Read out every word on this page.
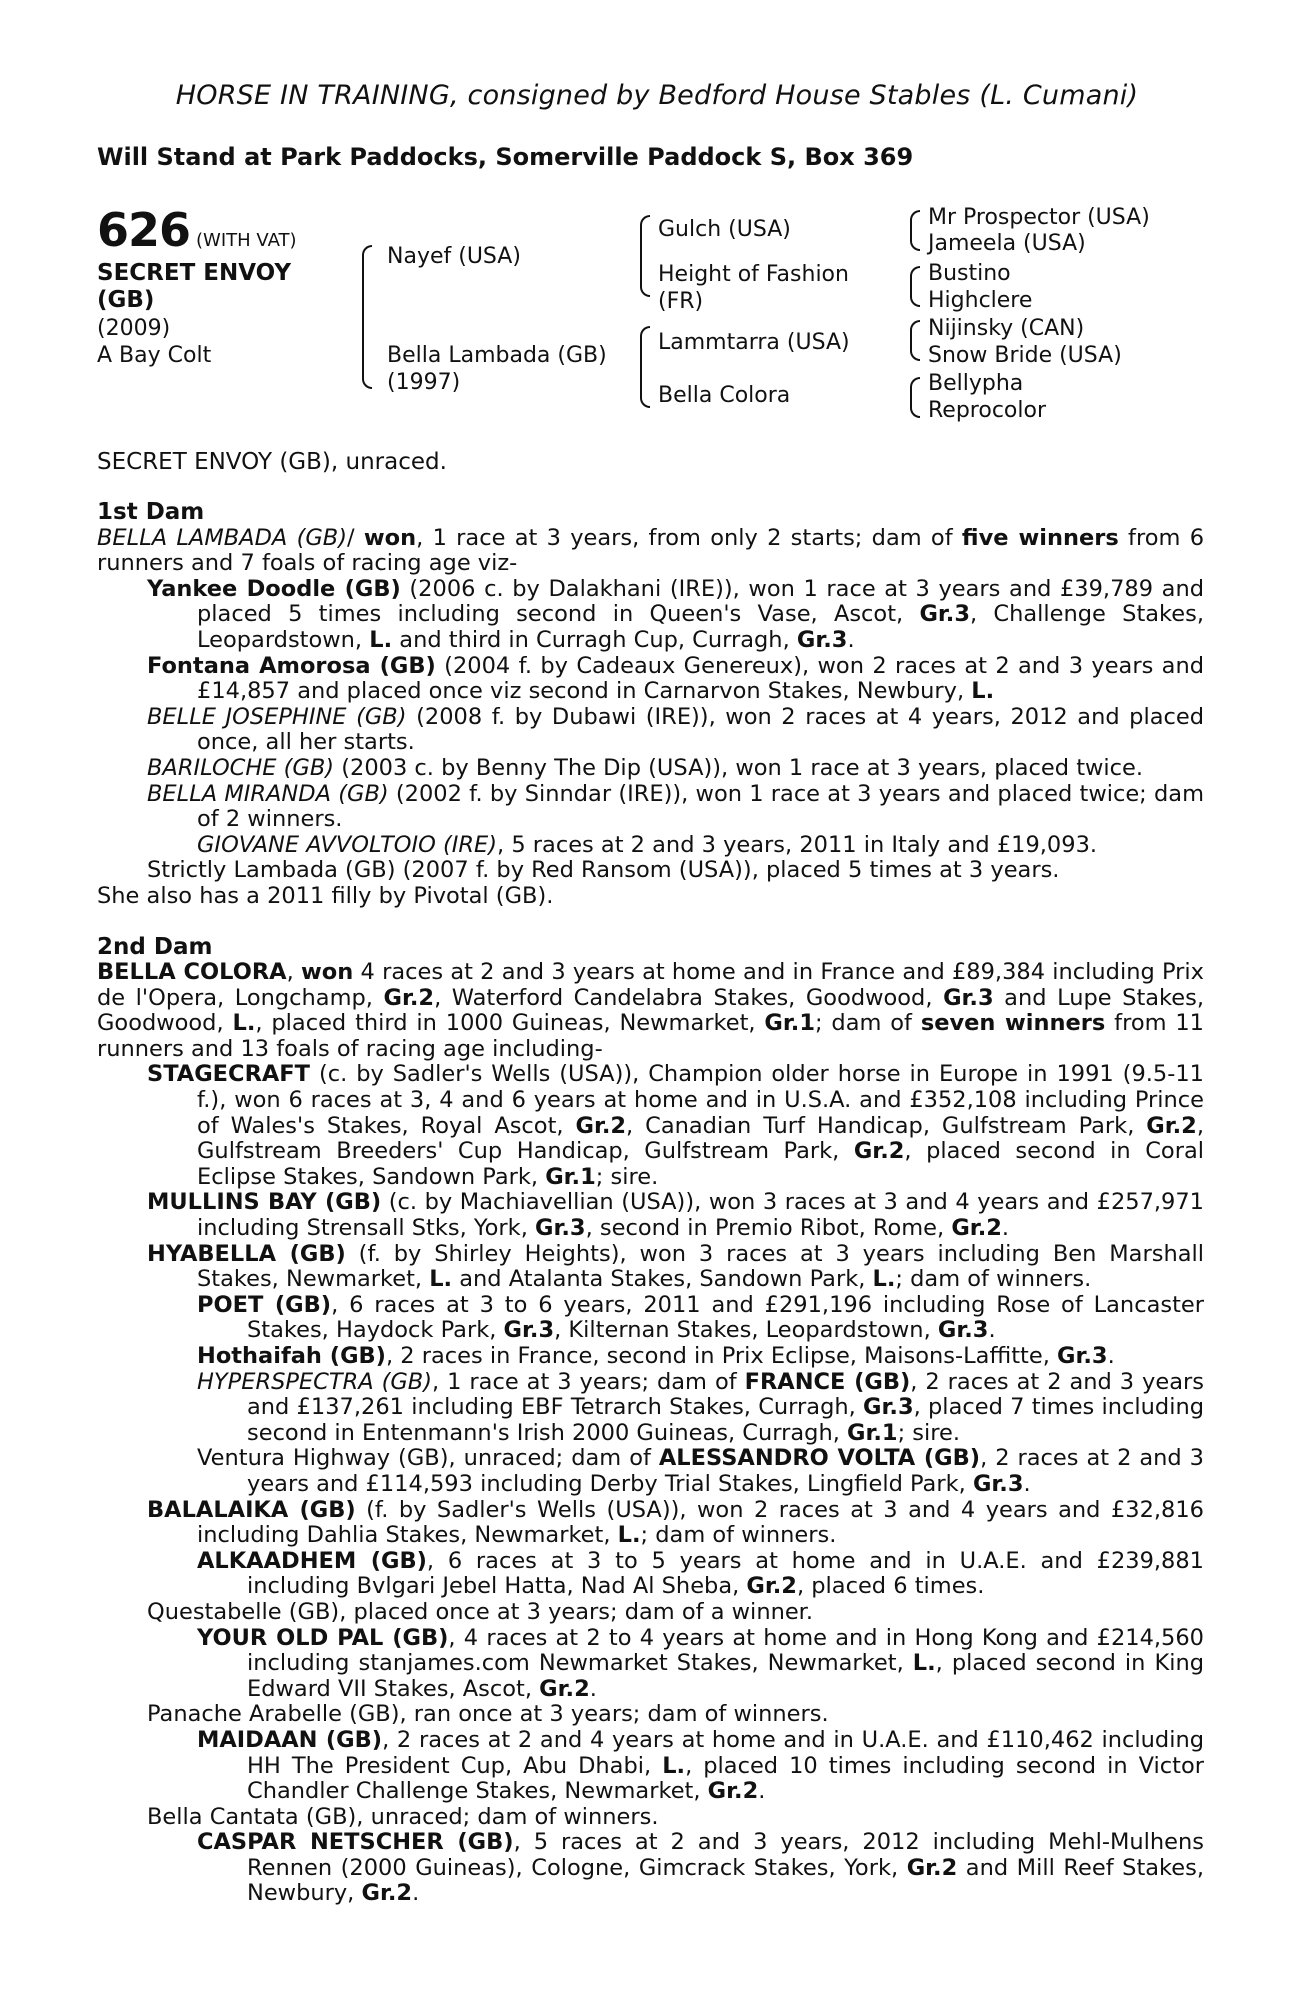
HORSE IN TRAINING, consigned by Bedford House Stables (L. Cumani)
Will Stand at Park Paddocks, Somerville Paddock S, Box 369
626 (WITH VAT)
SECRET ENVOY (GB)
(2009)
A Bay Colt
Nayef (USA)
Bella Lambada (GB) (1997)
Gulch (USA)
Height of Fashion (FR)
Lammtarra (USA)
Bella Colora
Mr Prospector (USA)
Jameela (USA)
Bustino
Highclere
Nijinsky (CAN)
Snow Bride (USA)
Bellypha
Reprocolor
SECRET ENVOY (GB), unraced.
1st Dam
BELLA LAMBADA (GB)/ won, 1 race at 3 years, from only 2 starts; dam of five winners from 6 runners and 7 foals of racing age viz-
Yankee Doodle (GB) (2006 c. by Dalakhani (IRE)), won 1 race at 3 years and £39,789 and placed 5 times including second in Queen's Vase, Ascot, Gr.3, Challenge Stakes, Leopardstown, L. and third in Curragh Cup, Curragh, Gr.3.
Fontana Amorosa (GB) (2004 f. by Cadeaux Genereux), won 2 races at 2 and 3 years and £14,857 and placed once viz second in Carnarvon Stakes, Newbury, L.
BELLE JOSEPHINE (GB) (2008 f. by Dubawi (IRE)), won 2 races at 4 years, 2012 and placed once, all her starts.
BARILOCHE (GB) (2003 c. by Benny The Dip (USA)), won 1 race at 3 years, placed twice.
BELLA MIRANDA (GB) (2002 f. by Sinndar (IRE)), won 1 race at 3 years and placed twice; dam of 2 winners.
GIOVANE AVVOLTOIO (IRE), 5 races at 2 and 3 years, 2011 in Italy and £19,093.
Strictly Lambada (GB) (2007 f. by Red Ransom (USA)), placed 5 times at 3 years.
She also has a 2011 filly by Pivotal (GB).
2nd Dam
BELLA COLORA, won 4 races at 2 and 3 years at home and in France and £89,384 including Prix de l'Opera, Longchamp, Gr.2, Waterford Candelabra Stakes, Goodwood, Gr.3 and Lupe Stakes, Goodwood, L., placed third in 1000 Guineas, Newmarket, Gr.1; dam of seven winners from 11 runners and 13 foals of racing age including-
STAGECRAFT (c. by Sadler's Wells (USA)), Champion older horse in Europe in 1991 (9.5-11 f.), won 6 races at 3, 4 and 6 years at home and in U.S.A. and £352,108 including Prince of Wales's Stakes, Royal Ascot, Gr.2, Canadian Turf Handicap, Gulfstream Park, Gr.2, Gulfstream Breeders' Cup Handicap, Gulfstream Park, Gr.2, placed second in Coral Eclipse Stakes, Sandown Park, Gr.1; sire.
MULLINS BAY (GB) (c. by Machiavellian (USA)), won 3 races at 3 and 4 years and £257,971 including Strensall Stks, York, Gr.3, second in Premio Ribot, Rome, Gr.2.
HYABELLA (GB) (f. by Shirley Heights), won 3 races at 3 years including Ben Marshall Stakes, Newmarket, L. and Atalanta Stakes, Sandown Park, L.; dam of winners.
POET (GB), 6 races at 3 to 6 years, 2011 and £291,196 including Rose of Lancaster Stakes, Haydock Park, Gr.3, Kilternan Stakes, Leopardstown, Gr.3.
Hothaifah (GB), 2 races in France, second in Prix Eclipse, Maisons-Laffitte, Gr.3.
HYPERSPECTRA (GB), 1 race at 3 years; dam of FRANCE (GB), 2 races at 2 and 3 years and £137,261 including EBF Tetrarch Stakes, Curragh, Gr.3, placed 7 times including second in Entenmann's Irish 2000 Guineas, Curragh, Gr.1; sire.
Ventura Highway (GB), unraced; dam of ALESSANDRO VOLTA (GB), 2 races at 2 and 3 years and £114,593 including Derby Trial Stakes, Lingfield Park, Gr.3.
BALALAIKA (GB) (f. by Sadler's Wells (USA)), won 2 races at 3 and 4 years and £32,816 including Dahlia Stakes, Newmarket, L.; dam of winners.
ALKAADHEM (GB), 6 races at 3 to 5 years at home and in U.A.E. and £239,881 including Bvlgari Jebel Hatta, Nad Al Sheba, Gr.2, placed 6 times.
Questabelle (GB), placed once at 3 years; dam of a winner.
YOUR OLD PAL (GB), 4 races at 2 to 4 years at home and in Hong Kong and £214,560 including stanjames.com Newmarket Stakes, Newmarket, L., placed second in King Edward VII Stakes, Ascot, Gr.2.
Panache Arabelle (GB), ran once at 3 years; dam of winners.
MAIDAAN (GB), 2 races at 2 and 4 years at home and in U.A.E. and £110,462 including HH The President Cup, Abu Dhabi, L., placed 10 times including second in Victor Chandler Challenge Stakes, Newmarket, Gr.2.
Bella Cantata (GB), unraced; dam of winners.
CASPAR NETSCHER (GB), 5 races at 2 and 3 years, 2012 including Mehl-Mulhens Rennen (2000 Guineas), Cologne, Gimcrack Stakes, York, Gr.2 and Mill Reef Stakes, Newbury, Gr.2.
